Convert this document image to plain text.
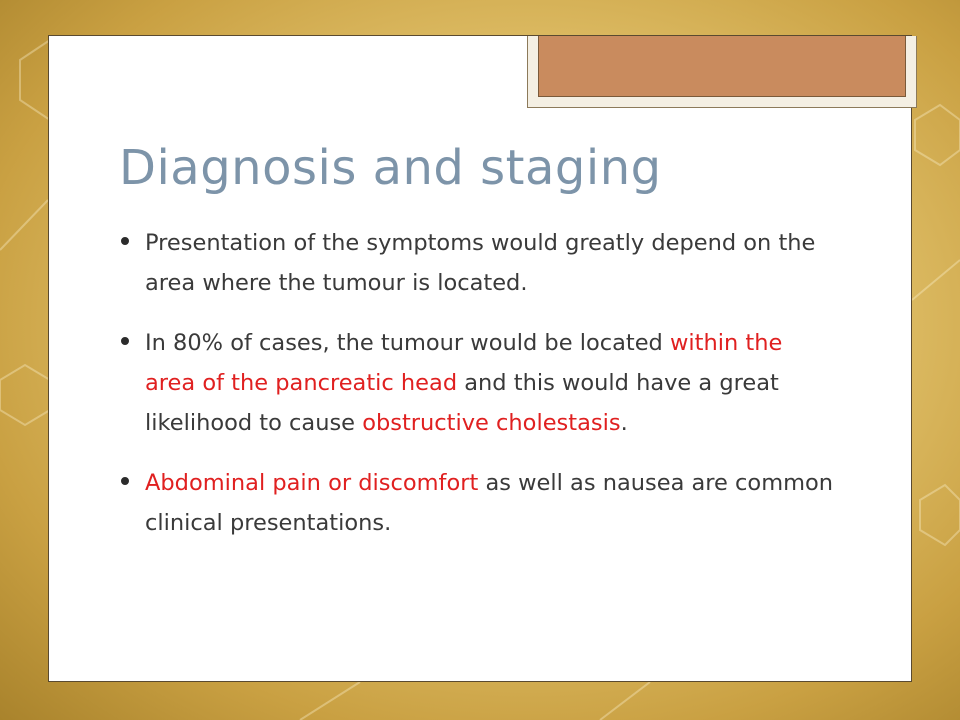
Diagnosis and staging
Presentation of the symptoms would greatly depend on the area where the tumour is located.
In 80% of cases, the tumour would be located within the area of the pancreatic head and this would have a great likelihood to cause obstructive cholestasis.
Abdominal pain or discomfort as well as nausea are common clinical presentations.
